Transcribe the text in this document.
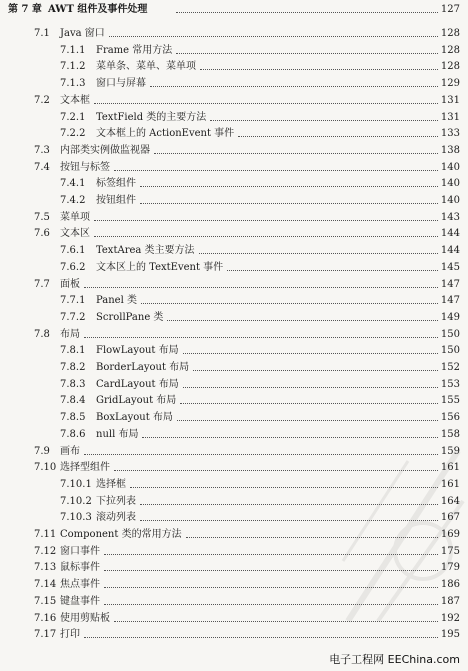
第 7 章 AWT 组件及事件处理	127
7.1 Java 窗口	128
7.1.1 Frame 常用方法	128
7.1.2 菜单条、菜单、菜单项	128
7.1.3 窗口与屏幕	129
7.2 文本框	131
7.2.1 TextField 类的主要方法	131
7.2.2 文本框上的 ActionEvent 事件	133
7.3 内部类实例做监视器	138
7.4 按钮与标签	140
7.4.1 标签组件	140
7.4.2 按钮组件	140
7.5 菜单项	143
7.6 文本区	144
7.6.1 TextArea 类主要方法	144
7.6.2 文本区上的 TextEvent 事件	145
7.7 面板	147
7.7.1 Panel 类	147
7.7.2 ScrollPane 类	149
7.8 布局	150
7.8.1 FlowLayout 布局	150
7.8.2 BorderLayout 布局	152
7.8.3 CardLayout 布局	153
7.8.4 GridLayout 布局	155
7.8.5 BoxLayout 布局	156
7.8.6 null 布局	158
7.9 画布	159
7.10 选择型组件	161
7.10.1 选择框	161
7.10.2 下拉列表	164
7.10.3 滚动列表	167
7.11 Component 类的常用方法	169
7.12 窗口事件	175
7.13 鼠标事件	179
7.14 焦点事件	186
7.15 键盘事件	187
7.16 使用剪贴板	192
7.17 打印	195
电子工程网 EEChina.com
